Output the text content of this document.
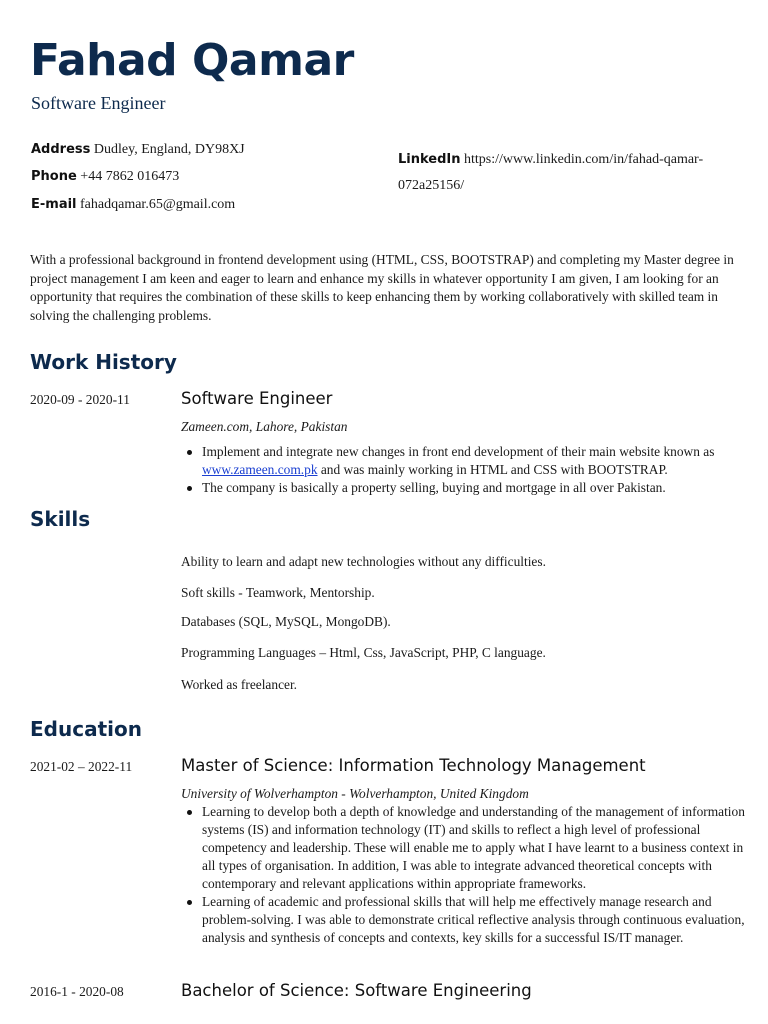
Fahad Qamar
Software Engineer
Address Dudley, England, DY98XJ
Phone +44 7862 016473
E-mail fahadqamar.65@gmail.com
LinkedIn https://www.linkedin.com/in/fahad-qamar-
072a25156/

With a professional background in frontend development using (HTML, CSS, BOOTSTRAP) and completing my Master degree in project management I am keen and eager to learn and enhance my skills in whatever opportunity I am given, I am looking for an opportunity that requires the combination of these skills to keep enhancing them by working collaboratively with skilled team in solving the challenging problems.

Work History
2020-09 - 2020-11	Software Engineer
Zameen.com, Lahore, Pakistan
Implement and integrate new changes in front end development of their main website known as
www.zameen.com.pk and was mainly working in HTML and CSS with BOOTSTRAP.
The company is basically a property selling, buying and mortgage in all over Pakistan.
Skills
Ability to learn and adapt new technologies without any difficulties.
Soft skills - Teamwork, Mentorship.
Databases (SQL, MySQL, MongoDB).
Programming Languages – Html, Css, JavaScript, PHP, C language.
Worked as freelancer.
Education
2021-02 – 2022-11	Master of Science: Information Technology Management
University of Wolverhampton - Wolverhampton, United Kingdom
Learning to develop both a depth of knowledge and understanding of the management of information systems (IS) and information technology (IT) and skills to reflect a high level of professional competency and leadership. These will enable me to apply what I have learnt to a business context in all types of organisation. In addition, I was able to integrate advanced theoretical concepts with contemporary and relevant applications within appropriate frameworks.
Learning of academic and professional skills that will help me effectively manage research and problem-solving. I was able to demonstrate critical reflective analysis through continuous evaluation, analysis and synthesis of concepts and contexts, key skills for a successful IS/IT manager.
2016-1 - 2020-08	Bachelor of Science: Software Engineering
